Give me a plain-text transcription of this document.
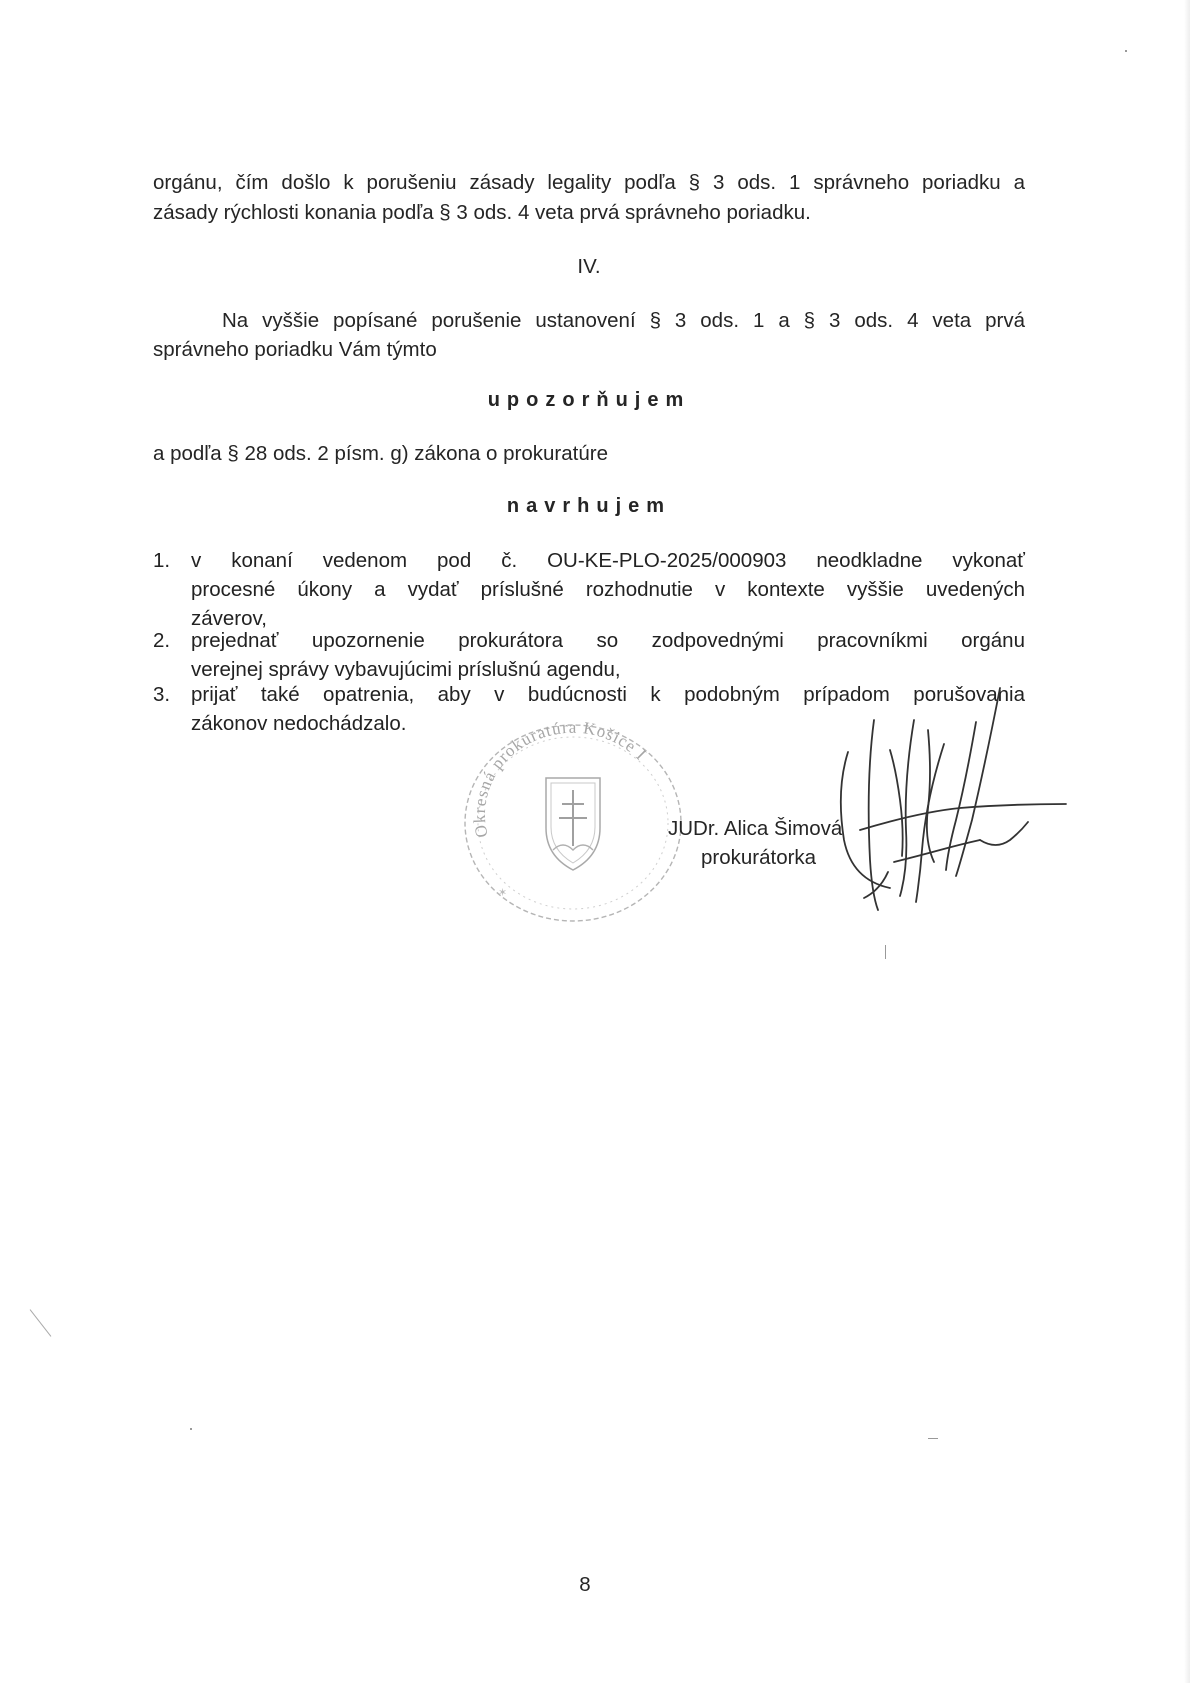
orgánu, čím došlo k porušeniu zásady legality podľa § 3 ods. 1 správneho poriadku a
zásady rýchlosti konania podľa § 3 ods. 4 veta prvá správneho poriadku.
IV.
Na vyššie popísané porušenie ustanovení § 3 ods. 1 a § 3 ods. 4 veta prvá
správneho poriadku Vám týmto
upozorňujem
a podľa § 28 ods. 2 písm. g) zákona o prokuratúre
navrhujem
1. v konaní vedenom pod č. OU-KE-PLO-2025/000903 neodkladne vykonať
procesné úkony a vydať príslušné rozhodnutie v kontexte vyššie uvedených
záverov,
2. prejednať upozornenie prokurátora so zodpovednými pracovníkmi orgánu
verejnej správy vybavujúcimi príslušnú agendu,
3. prijať také opatrenia, aby v budúcnosti k podobným prípadom porušovania
zákonov nedochádzalo.
Okresná prokuratúra Košice I
✶
JUDr. Alica Šimová
prokurátorka
8
